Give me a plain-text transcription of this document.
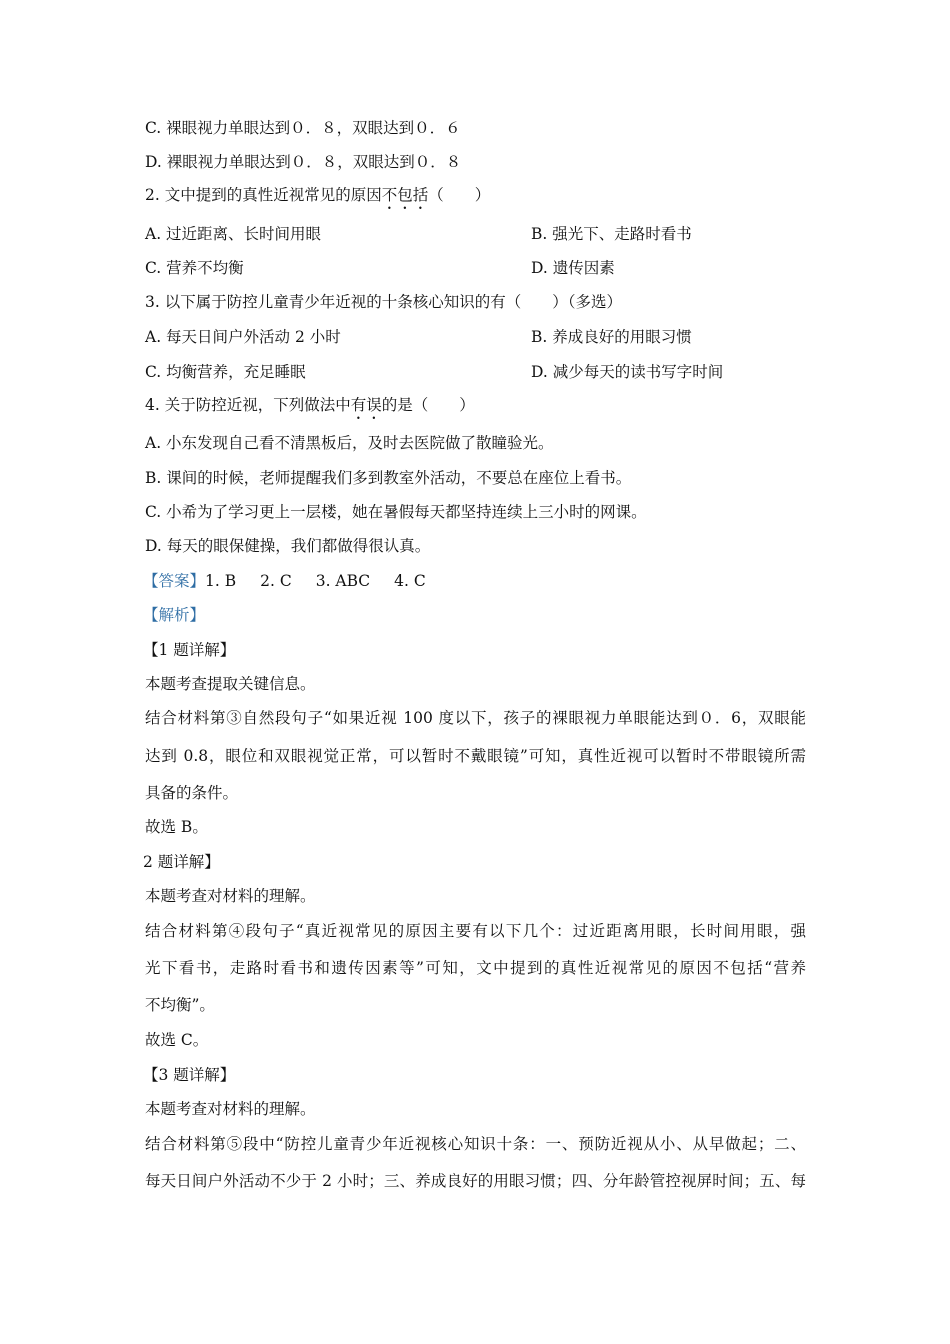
C. 裸眼视力单眼达到０．８，双眼达到０．６
D. 裸眼视力单眼达到０．８，双眼达到０．８
2. 文中提到的真性近视常见的原因不包括（　　）
A. 过近距离、长时间用眼	B. 强光下、走路时看书
C. 营养不均衡	D. 遗传因素
3. 以下属于防控儿童青少年近视的十条核心知识的有（　　）（多选）
A. 每天日间户外活动 2 小时	B. 养成良好的用眼习惯
C. 均衡营养，充足睡眠	D. 减少每天的读书写字时间
4. 关于防控近视，下列做法中有误的是（　　）
A. 小东发现自己看不清黑板后，及时去医院做了散瞳验光。
B. 课间的时候，老师提醒我们多到教室外活动，不要总在座位上看书。
C. 小希为了学习更上一层楼，她在暑假每天都坚持连续上三小时的网课。
D. 每天的眼保健操，我们都做得很认真。
【答案】1. B 2. C 3. ABC 4. C
【解析】
【1 题详解】
本题考查提取关键信息。
结合材料第③自然段句子“如果近视 100 度以下，孩子的裸眼视力单眼能达到０．6，双眼能
达到 0.8，眼位和双眼视觉正常，可以暂时不戴眼镜”可知，真性近视可以暂时不带眼镜所需
具备的条件。
故选 B。
2 题详解】
本题考查对材料的理解。
结合材料第④段句子“真近视常见的原因主要有以下几个：过近距离用眼，长时间用眼，强
光下看书，走路时看书和遗传因素等”可知，文中提到的真性近视常见的原因不包括“营养
不均衡”。
故选 C。
【3 题详解】
本题考查对材料的理解。
结合材料第⑤段中“防控儿童青少年近视核心知识十条：一、预防近视从小、从早做起；二、
每天日间户外活动不少于 2 小时；三、养成良好的用眼习惯；四、分年龄管控视屏时间；五、每
